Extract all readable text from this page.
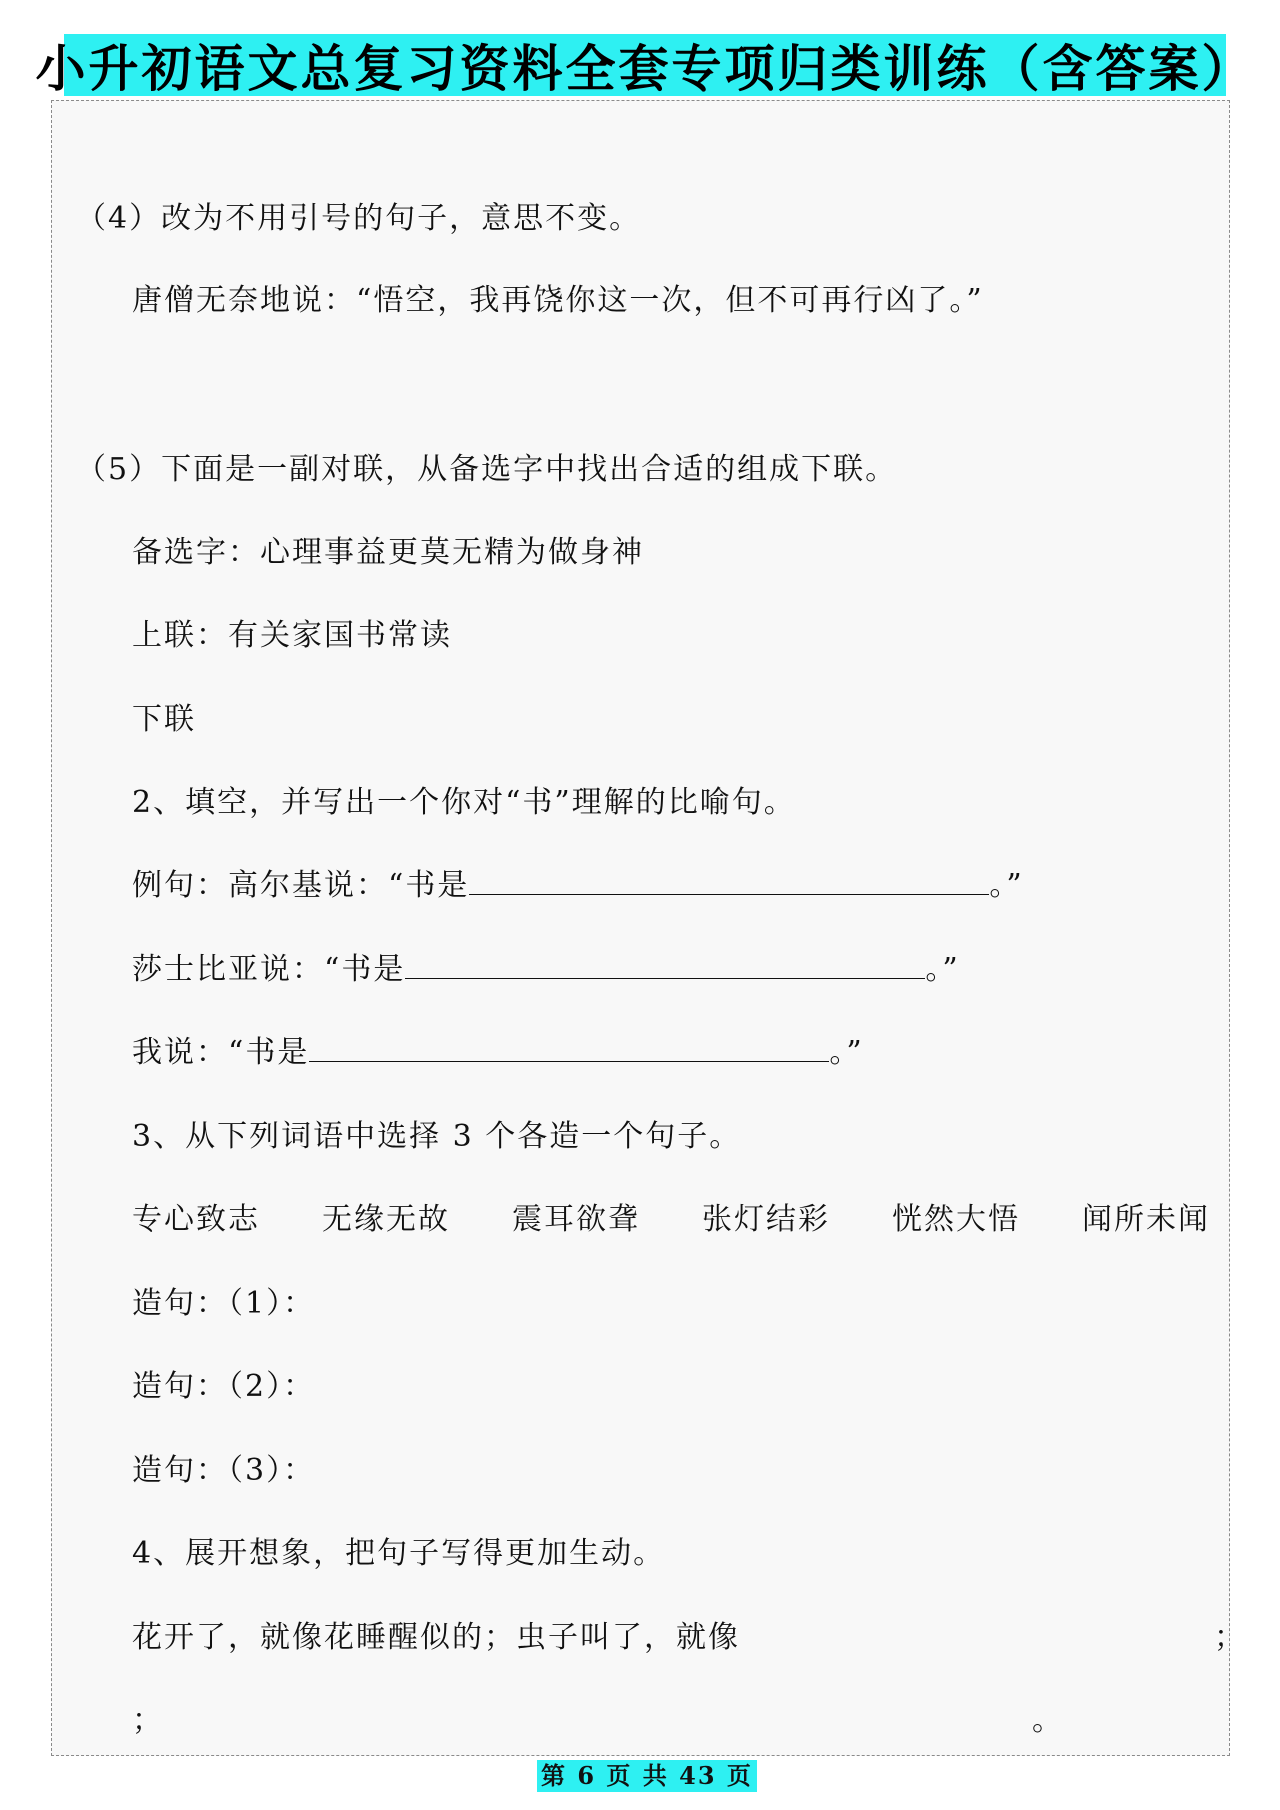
小升初语文总复习资料全套专项归类训练（含答案）
（4）改为不用引号的句子，意思不变。
唐僧无奈地说：“悟空，我再饶你这一次，但不可再行凶了。”
（5）下面是一副对联，从备选字中找出合适的组成下联。
备选字：心理事益更莫无精为做身神
上联：有关家国书常读
下联
2、填空，并写出一个你对“书”理解的比喻句。
例句：高尔基说：“书是	。”
莎士比亚说：“书是	。”
我说：“书是	。”
3、从下列词语中选择 3 个各造一个句子。
专心致志	无缘无故	震耳欲聋	张灯结彩	恍然大悟	闻所未闻
造句：（1）：
造句：（2）：
造句：（3）：
4、展开想象，把句子写得更加生动。
花开了，就像花睡醒似的；虫子叫了，就像	；
；	。
第 6 页 共 43 页
